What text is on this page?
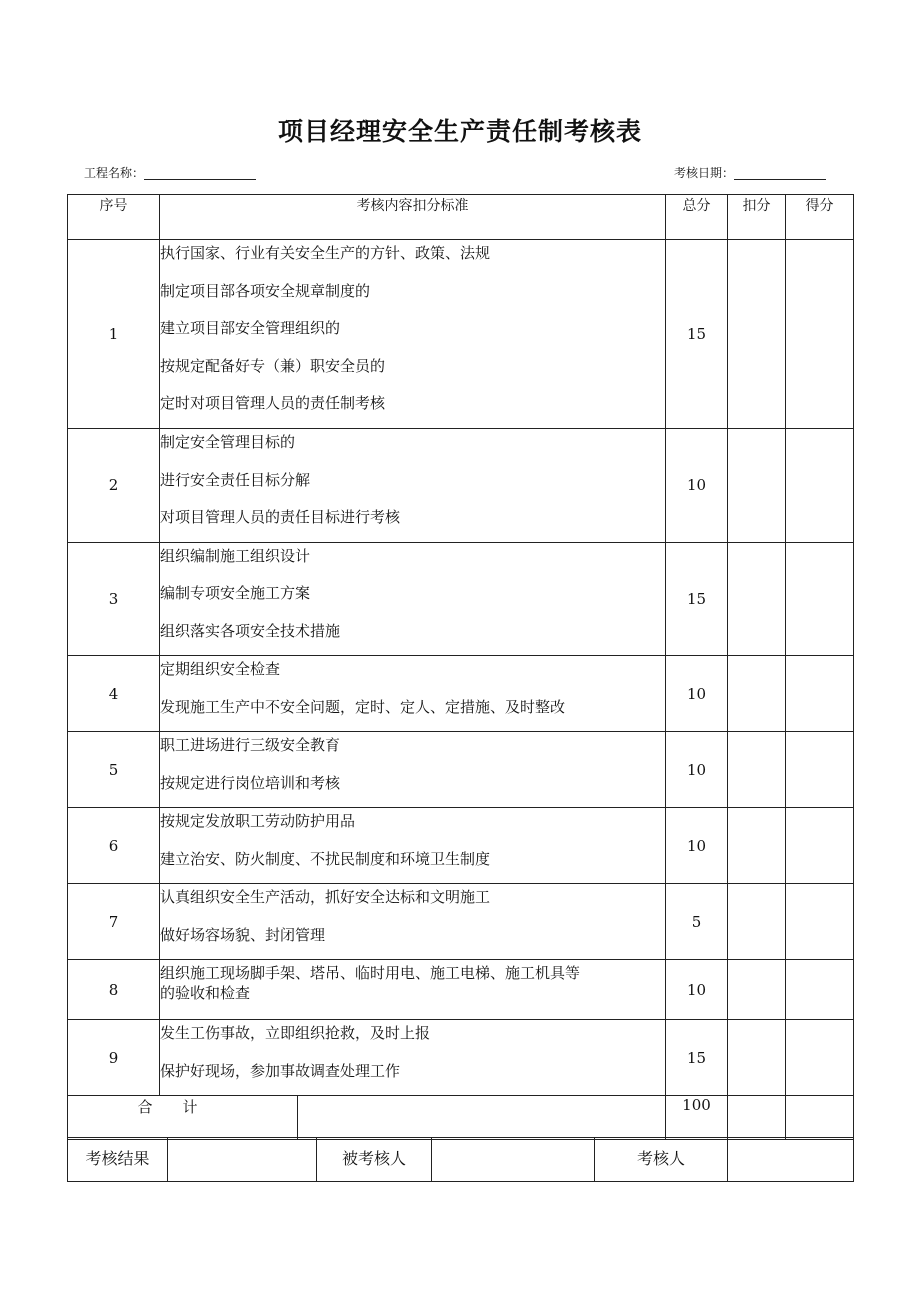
项目经理安全生产责任制考核表
工程名称：	考核日期：
序号	考核内容扣分标准		总分	扣分	得分
1	执行国家、行业有关安全生产的方针、政策、法规
制定项目部各项安全规章制度的
建立项目部安全管理组织的
按规定配备好专（兼）职安全员的
定时对项目管理人员的责任制考核		15		
2	制定安全管理目标的
进行安全责任目标分解
对项目管理人员的责任目标进行考核		10		
3	组织编制施工组织设计
编制专项安全施工方案
组织落实各项安全技术措施		15		
4	定期组织安全检查
发现施工生产中不安全问题，定时、定人、定措施、及时整改		10		
5	职工进场进行三级安全教育
按规定进行岗位培训和考核		10		
6	按规定发放职工劳动防护用品
建立治安、防火制度、不扰民制度和环境卫生制度		10		
7	认真组织安全生产活动，抓好安全达标和文明施工
做好场容场貌、封闭管理		5		
8	组织施工现场脚手架、塔吊、临时用电、施工电梯、施工机具等
的验收和检查		10		
9	发生工伤事故，立即组织抢救，及时上报
保护好现场，参加事故调查处理工作		15		
合计			100		
考核结果		被考核人		考核人	
